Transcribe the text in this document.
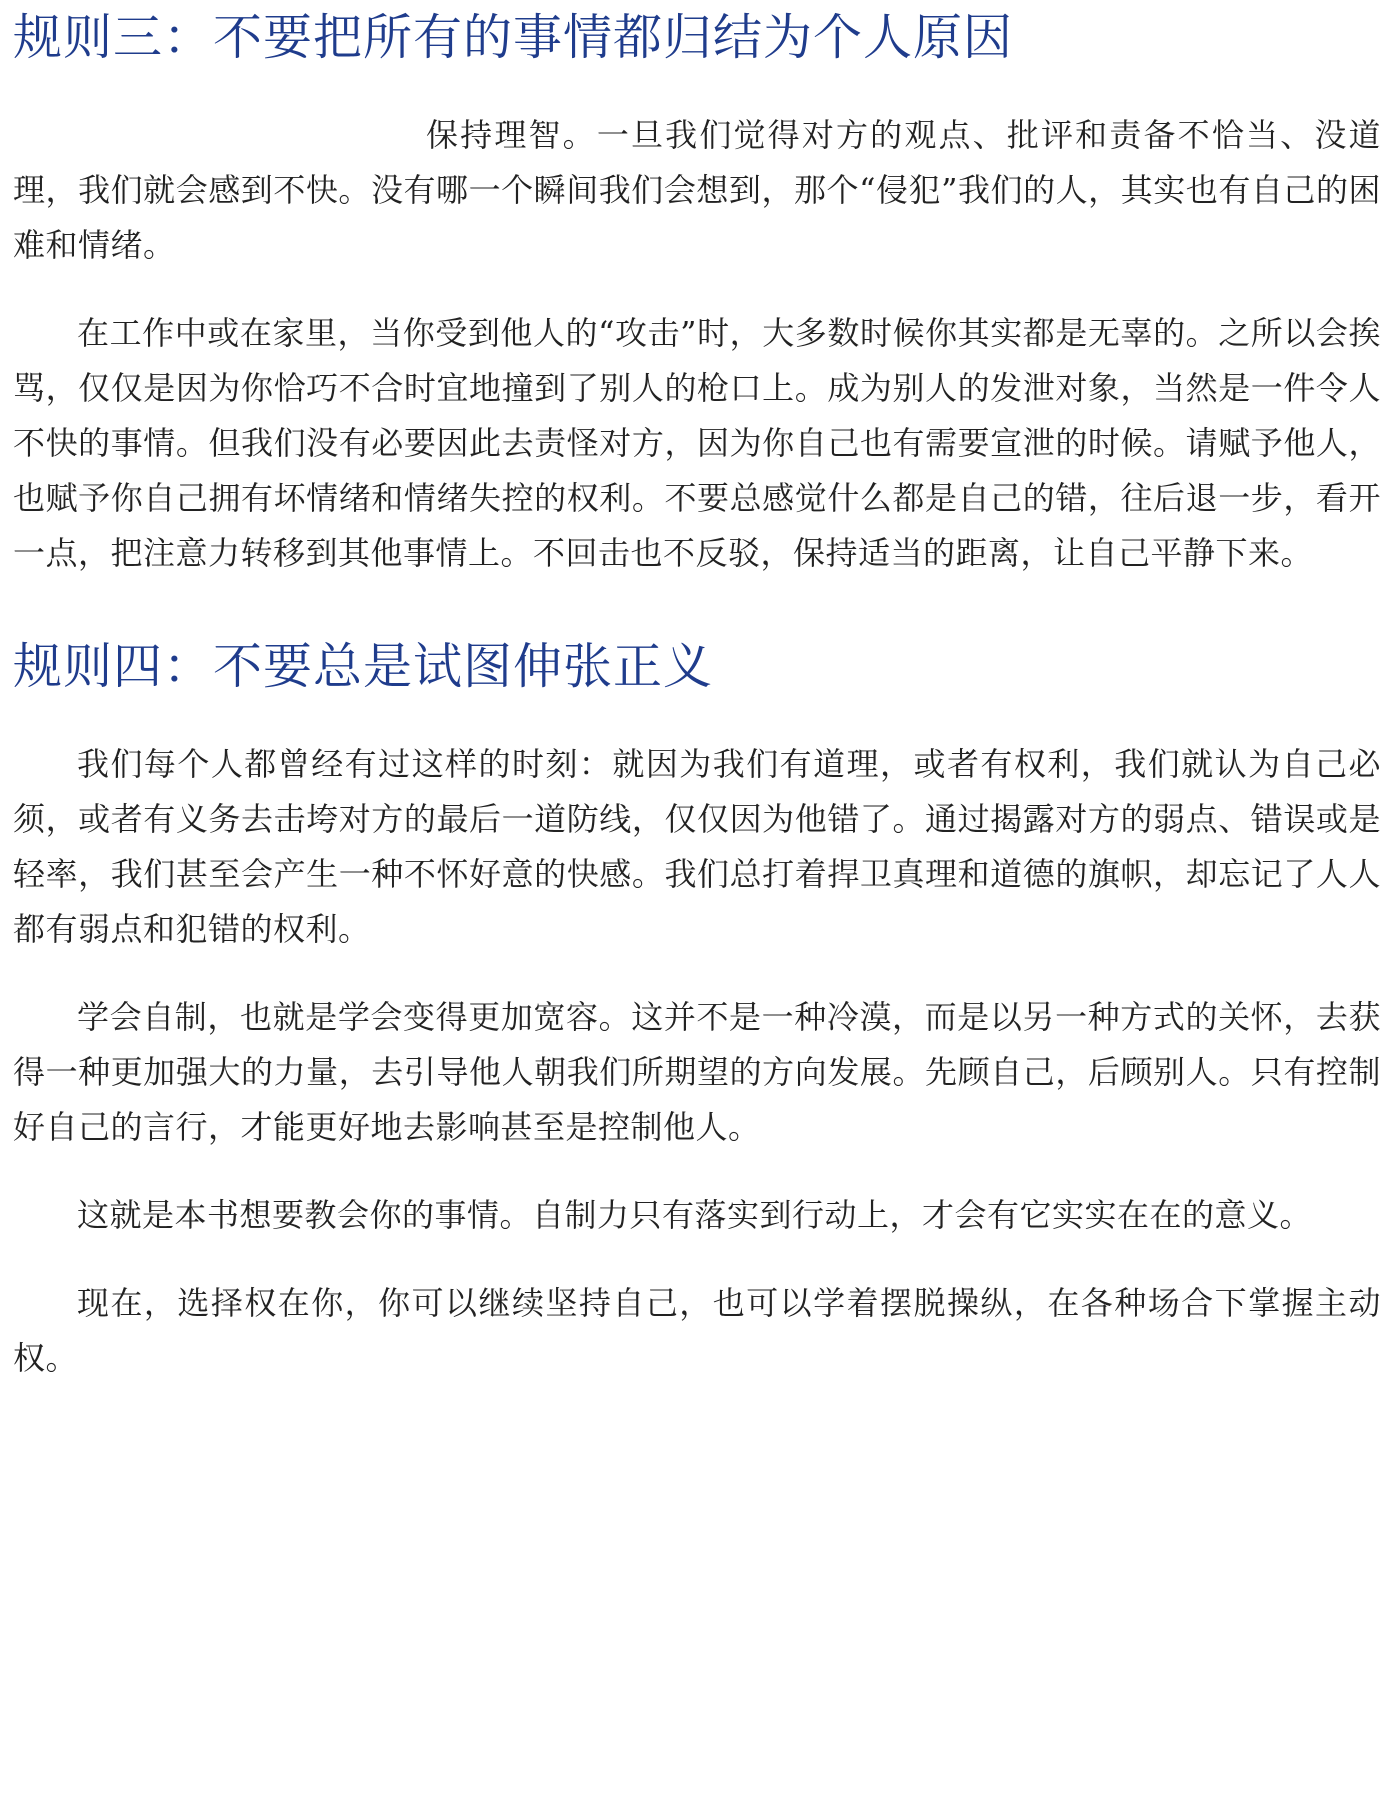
规则三：不要把所有的事情都归结为个人原因

保持理智。一旦我们觉得对方的观点、批评和责备不恰当、没道理，我们就会感到不快。没有哪一个瞬间我们会想到，那个“侵犯”我们的人，其实也有自己的困难和情绪。

在工作中或在家里，当你受到他人的“攻击”时，大多数时候你其实都是无辜的。之所以会挨骂，仅仅是因为你恰巧不合时宜地撞到了别人的枪口上。成为别人的发泄对象，当然是一件令人不快的事情。但我们没有必要因此去责怪对方，因为你自己也有需要宣泄的时候。请赋予他人，也赋予你自己拥有坏情绪和情绪失控的权利。不要总感觉什么都是自己的错，往后退一步，看开一点，把注意力转移到其他事情上。不回击也不反驳，保持适当的距离，让自己平静下来。

规则四：不要总是试图伸张正义

我们每个人都曾经有过这样的时刻：就因为我们有道理，或者有权利，我们就认为自己必须，或者有义务去击垮对方的最后一道防线，仅仅因为他错了。通过揭露对方的弱点、错误或是轻率，我们甚至会产生一种不怀好意的快感。我们总打着捍卫真理和道德的旗帜，却忘记了人人都有弱点和犯错的权利。

学会自制，也就是学会变得更加宽容。这并不是一种冷漠，而是以另一种方式的关怀，去获得一种更加强大的力量，去引导他人朝我们所期望的方向发展。先顾自己，后顾别人。只有控制好自己的言行，才能更好地去影响甚至是控制他人。

这就是本书想要教会你的事情。自制力只有落实到行动上，才会有它实实在在的意义。

现在，选择权在你，你可以继续坚持自己，也可以学着摆脱操纵，在各种场合下掌握主动权。
